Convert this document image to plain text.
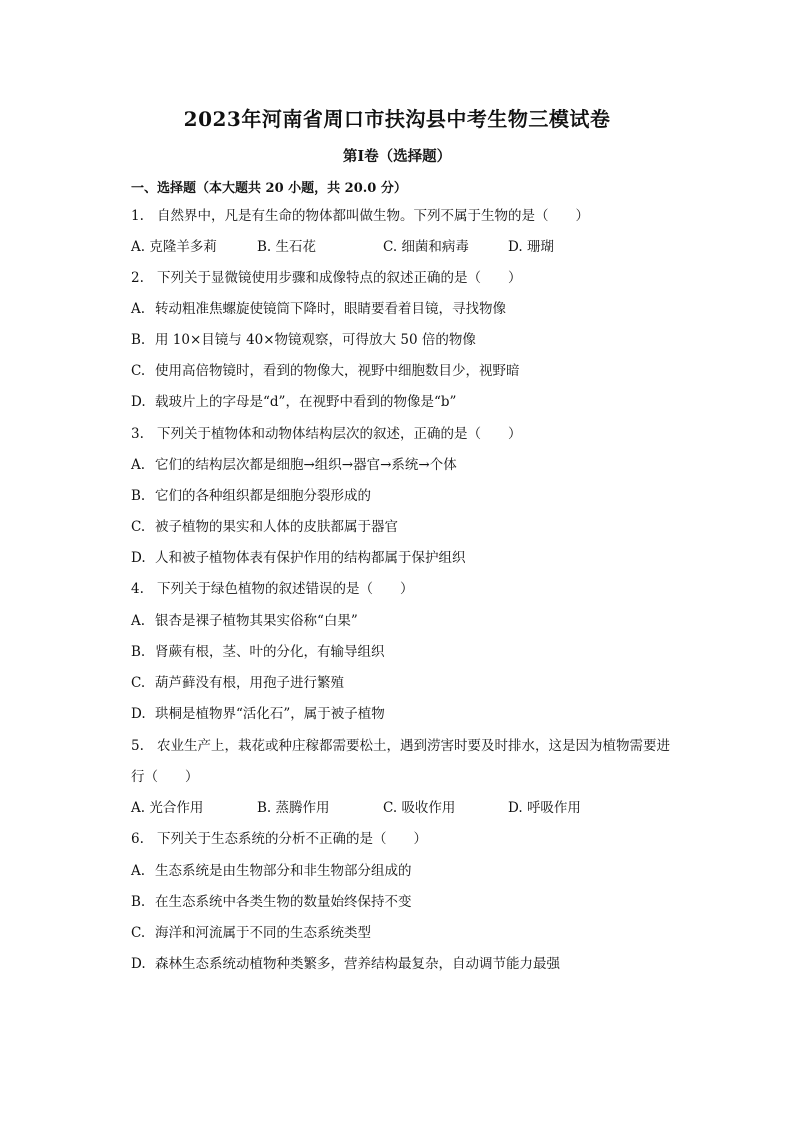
2023年河南省周口市扶沟县中考生物三模试卷
第Ⅰ卷（选择题）
一、选择题（本大题共 20 小题，共 20.0 分）
1. 自然界中，凡是有生命的物体都叫做生物。下列不属于生物的是（　　）
A. 克隆羊多莉	B. 生石花	C. 细菌和病毒	D. 珊瑚
2. 下列关于显微镜使用步骤和成像特点的叙述正确的是（　　）
A. 转动粗准焦螺旋使镜筒下降时，眼睛要看着目镜，寻找物像
B. 用 10×目镜与 40×物镜观察，可得放大 50 倍的物像
C. 使用高倍物镜时，看到的物像大，视野中细胞数目少，视野暗
D. 载玻片上的字母是“d”，在视野中看到的物像是“b”
3. 下列关于植物体和动物体结构层次的叙述，正确的是（　　）
A. 它们的结构层次都是细胞→组织→器官→系统→个体
B. 它们的各种组织都是细胞分裂形成的
C. 被子植物的果实和人体的皮肤都属于器官
D. 人和被子植物体表有保护作用的结构都属于保护组织
4. 下列关于绿色植物的叙述错误的是（　　）
A. 银杏是裸子植物其果实俗称“白果”
B. 肾蕨有根，茎、叶的分化，有输导组织
C. 葫芦藓没有根，用孢子进行繁殖
D. 珙桐是植物界“活化石”，属于被子植物
5. 农业生产上，栽花或种庄稼都需要松土，遇到涝害时要及时排水，这是因为植物需要进
行（　　）
A. 光合作用	B. 蒸腾作用	C. 吸收作用	D. 呼吸作用
6. 下列关于生态系统的分析不正确的是（　　）
A. 生态系统是由生物部分和非生物部分组成的
B. 在生态系统中各类生物的数量始终保持不变
C. 海洋和河流属于不同的生态系统类型
D. 森林生态系统动植物种类繁多，营养结构最复杂，自动调节能力最强
